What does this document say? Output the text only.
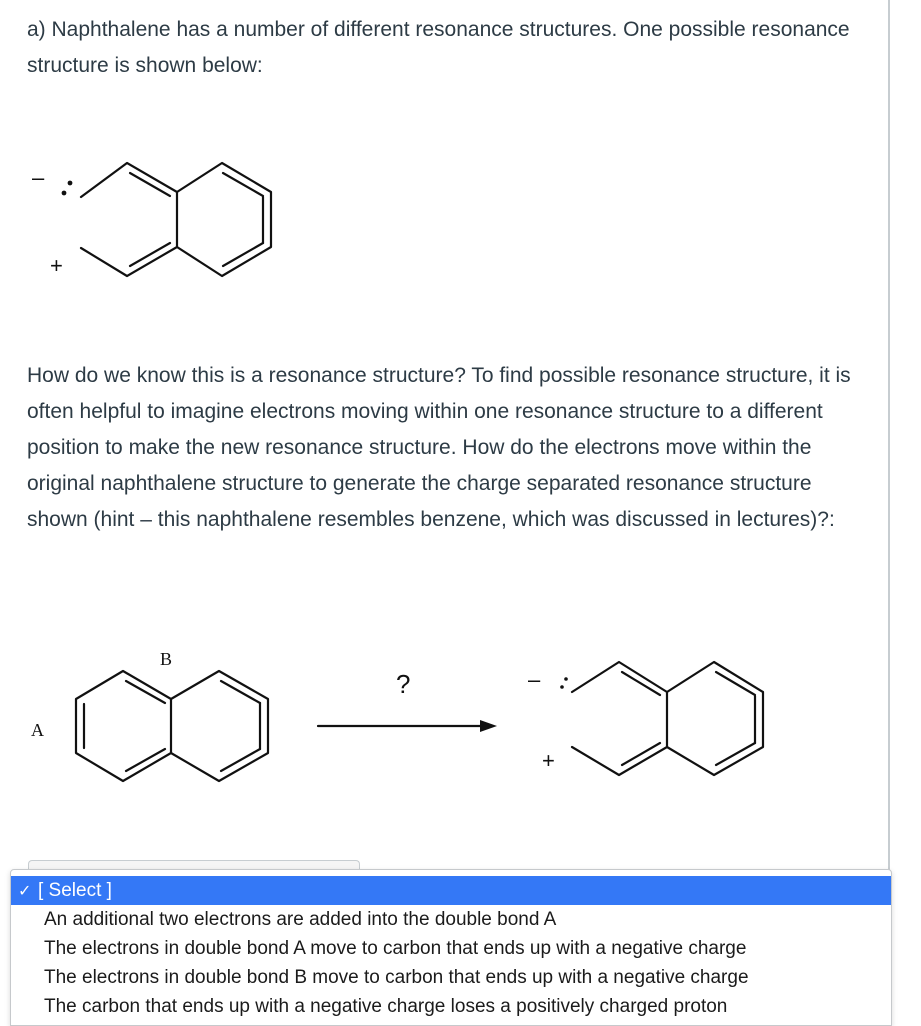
a) Naphthalene has a number of different resonance structures. One possible resonance structure is shown below:

–
+
B
A
?	–
+

How do we know this is a resonance structure? To find possible resonance structure, it is often helpful to imagine electrons moving within one resonance structure to a different position to make the new resonance structure. How do the electrons move within the original naphthalene structure to generate the charge separated resonance structure shown (hint – this naphthalene resembles benzene, which was discussed in lectures)?:

✓ [ Select ]
An additional two electrons are added into the double bond A
The electrons in double bond A move to carbon that ends up with a negative charge
The electrons in double bond B move to carbon that ends up with a negative charge
The carbon that ends up with a negative charge loses a positively charged proton
